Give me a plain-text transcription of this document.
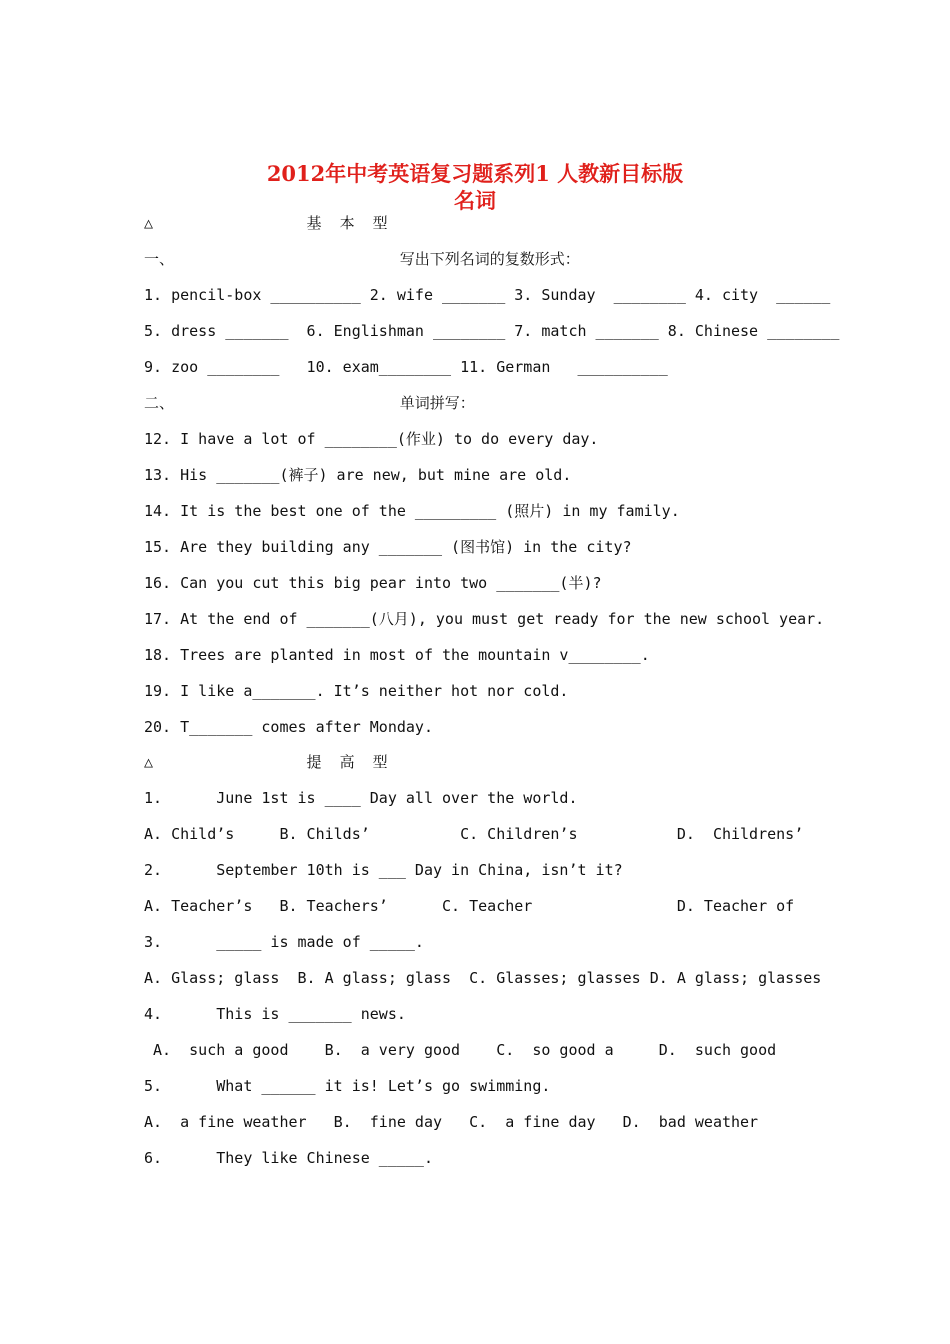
2012年中考英语复习题系列1 人教新目标版
名词
△                 基  本  型
一、                         写出下列名词的复数形式：
1. pencil-box __________ 2. wife _______ 3. Sunday  ________ 4. city  ______
5. dress _______  6. Englishman ________ 7. match _______ 8. Chinese ________
9. zoo ________   10. exam________ 11. German   __________
二、                         单词拼写：
12. I have a lot of ________(作业) to do every day.
13. His _______(裤子) are new, but mine are old.
14. It is the best one of the _________ (照片) in my family.
15. Are they building any _______ (图书馆) in the city?
16. Can you cut this big pear into two _______(半)?
17. At the end of _______(八月), you must get ready for the new school year.
18. Trees are planted in most of the mountain v________.
19. I like a_______. It’s neither hot nor cold.
20. T_______ comes after Monday.
△                 提  高  型
1.      June 1st is ____ Day all over the world.
A. Child’s     B. Childs’          C. Children’s           D.  Childrens’
2.      September 10th is ___ Day in China, isn’t it?
A. Teacher’s   B. Teachers’      C. Teacher                D. Teacher of
3.      _____ is made of _____.
A. Glass; glass  B. A glass; glass  C. Glasses; glasses D. A glass; glasses
4.      This is _______ news.
A.  such a good    B.  a very good    C.  so good a     D.  such good
5.      What ______ it is! Let’s go swimming.
A.  a fine weather   B.  fine day   C.  a fine day   D.  bad weather
6.      They like Chinese _____.
